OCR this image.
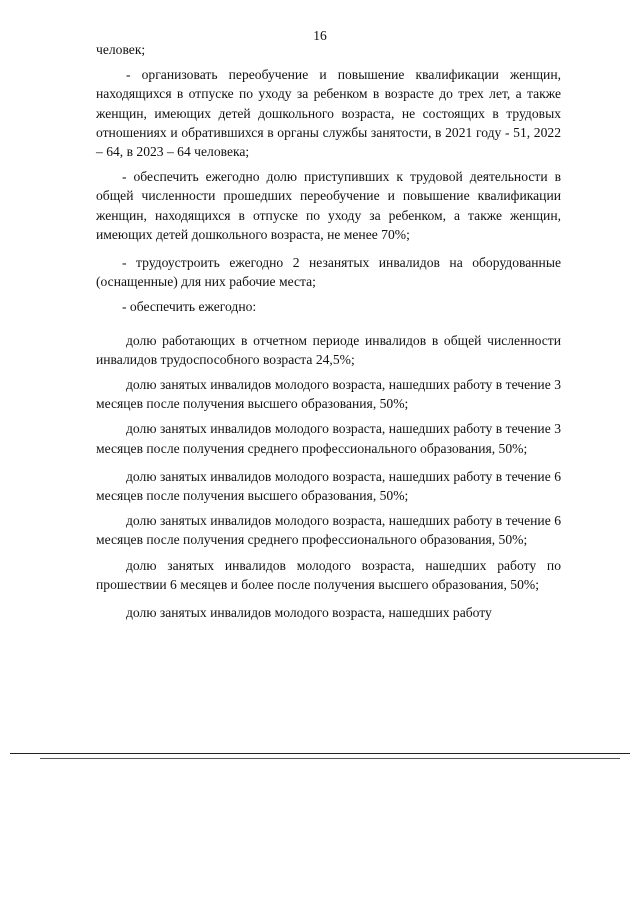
16

человек;

- организовать переобучение и повышение квалификации женщин, находящихся в отпуске по уходу за ребенком в возрасте до трех лет, а также женщин, имеющих детей дошкольного возраста, не состоящих в трудовых отношениях и обратившихся в органы службы занятости, в 2021 году - 51, 2022 – 64, в 2023 – 64 человека;

- обеспечить ежегодно долю приступивших к трудовой деятельности в общей численности прошедших переобучение и повышение квалификации женщин, находящихся в отпуске по уходу за ребенком, а также женщин, имеющих детей дошкольного возраста, не менее 70%;

- трудоустроить ежегодно 2 незанятых инвалидов на оборудованные (оснащенные) для них рабочие места;

- обеспечить ежегодно:

долю работающих в отчетном периоде инвалидов в общей численности инвалидов трудоспособного возраста 24,5%;

долю занятых инвалидов молодого возраста, нашедших работу в течение 3 месяцев после получения высшего образования, 50%;

долю занятых инвалидов молодого возраста, нашедших работу в течение 3 месяцев после получения среднего профессионального образования, 50%;

долю занятых инвалидов молодого возраста, нашедших работу в течение 6 месяцев после получения высшего образования, 50%;

долю занятых инвалидов молодого возраста, нашедших работу в течение 6 месяцев после получения среднего профессионального образования, 50%;

долю занятых инвалидов молодого возраста, нашедших работу по прошествии 6 месяцев и более после получения высшего образования, 50%;

долю занятых инвалидов молодого возраста, нашедших работу
